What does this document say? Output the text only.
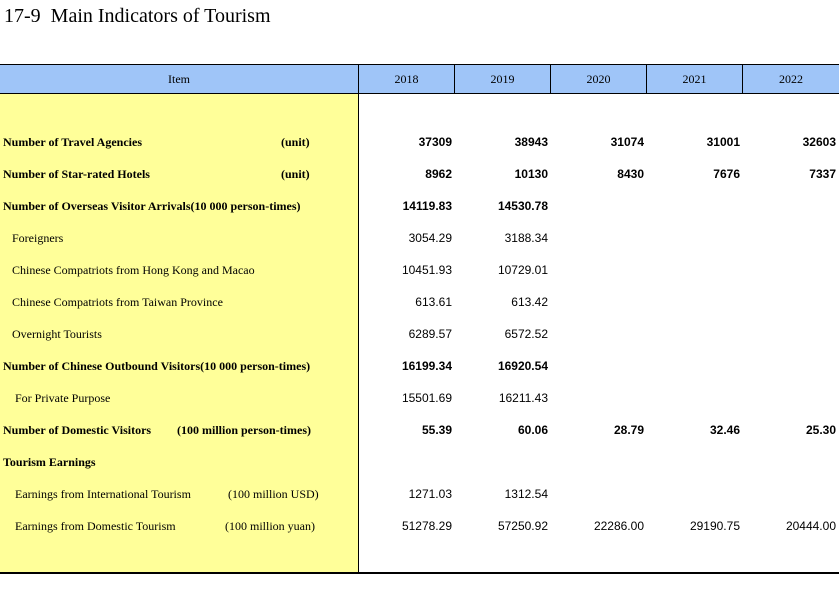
17-9  Main Indicators of Tourism
Item	2018	2019	2020	2021	2022
Number of Travel Agencies	(unit)	37309	38943	31074	31001	32603
Number of Star-rated Hotels	(unit)	8962	10130	8430	7676	7337
Number of Overseas Visitor Arrivals(10 000 person-times)	14119.83	14530.78
Foreigners	3054.29	3188.34
Chinese Compatriots from Hong Kong and Macao	10451.93	10729.01
Chinese Compatriots from Taiwan Province	613.61	613.42
Overnight Tourists	6289.57	6572.52
Number of Chinese Outbound Visitors(10 000 person-times)	16199.34	16920.54
For Private Purpose	15501.69	16211.43
Number of Domestic Visitors (100 million person-times)	55.39	60.06	28.79	32.46	25.30
Tourism Earnings
Earnings from International Tourism	(100 million USD)	1271.03	1312.54
Earnings from Domestic Tourism	(100 million yuan)	51278.29	57250.92	22286.00	29190.75	20444.00
